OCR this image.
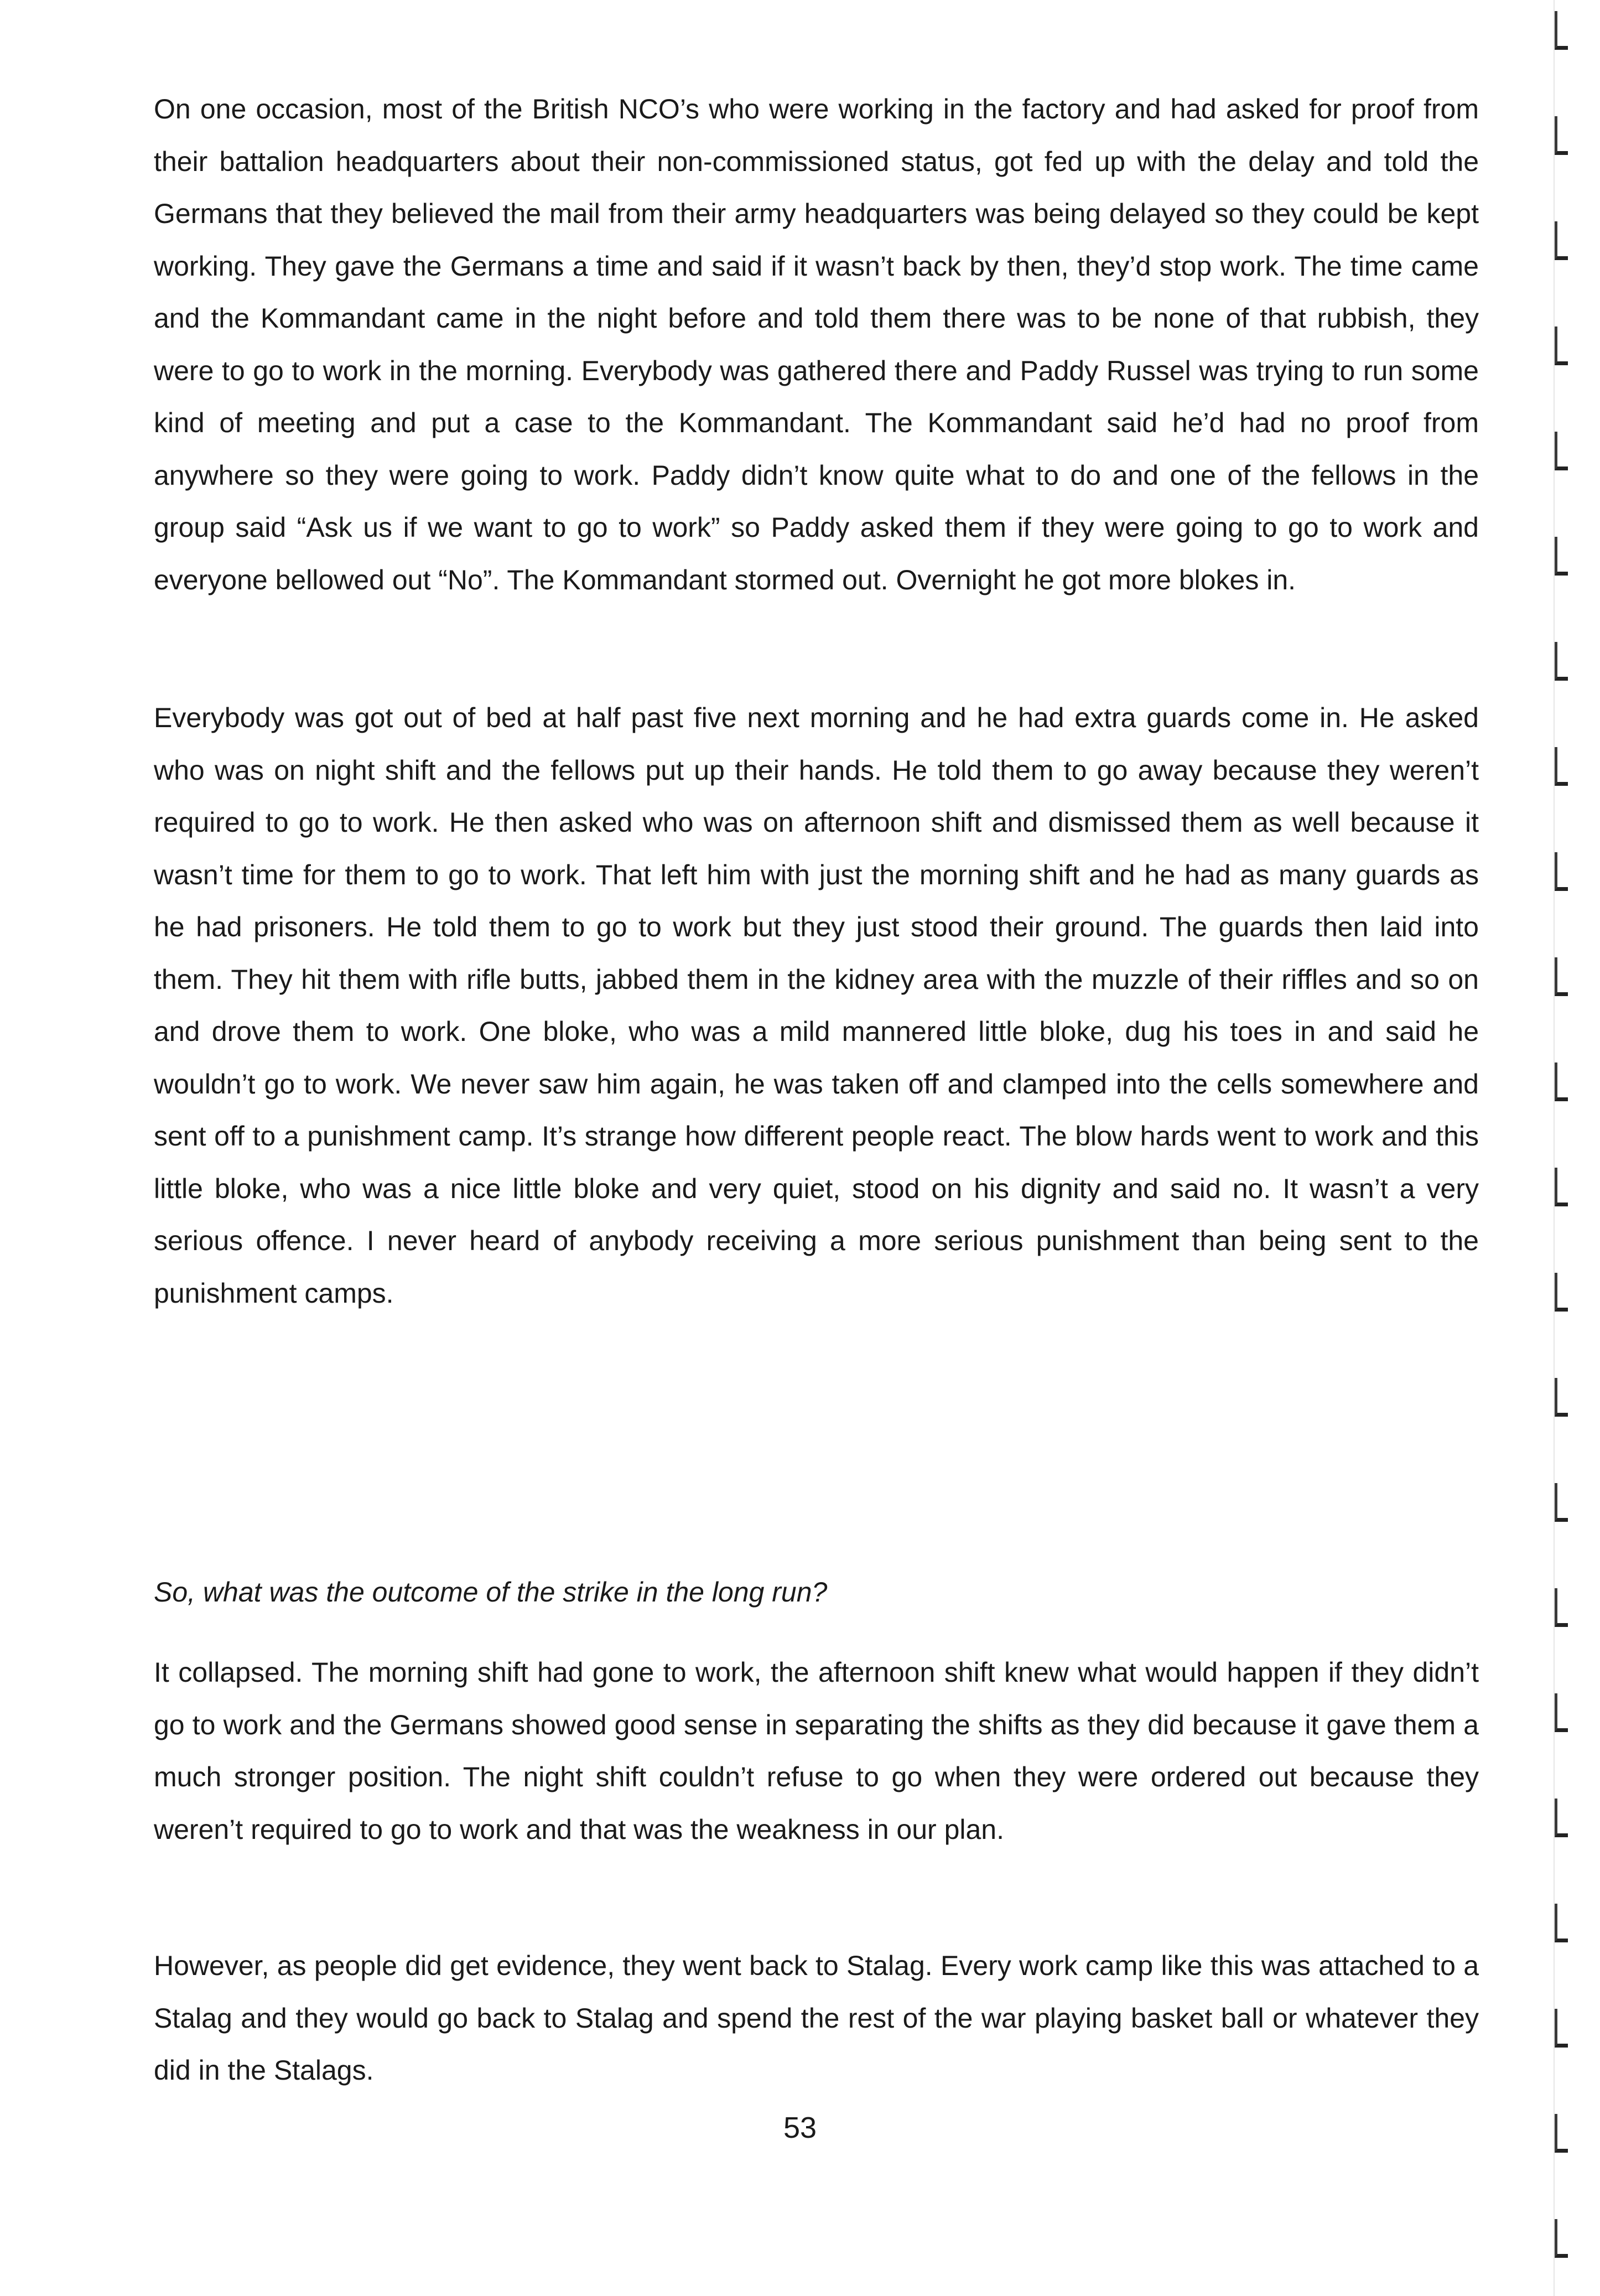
On one occasion, most of the British NCO’s who were working in the factory and had asked for proof from their battalion headquarters about their non-commissioned status, got fed up with the delay and told the Germans that they believed the mail from their army headquarters was being delayed so they could be kept working. They gave the Germans a time and said if it wasn’t back by then, they’d stop work. The time came and the Kommandant came in the night before and told them there was to be none of that rubbish, they were to go to work in the morning. Everybody was gathered there and Paddy Russel was trying to run some kind of meeting and put a case to the Kommandant. The Kommandant said he’d had no proof from anywhere so they were going to work. Paddy didn’t know quite what to do and one of the fellows in the group said “Ask us if we want to go to work” so Paddy asked them if they were going to go to work and everyone bellowed out “No”. The Kommandant stormed out. Overnight he got more blokes in.

Everybody was got out of bed at half past five next morning and he had extra guards come in. He asked who was on night shift and the fellows put up their hands. He told them to go away because they weren’t required to go to work. He then asked who was on afternoon shift and dismissed them as well because it wasn’t time for them to go to work. That left him with just the morning shift and he had as many guards as he had prisoners. He told them to go to work but they just stood their ground. The guards then laid into them. They hit them with rifle butts, jabbed them in the kidney area with the muzzle of their riffles and so on and drove them to work. One bloke, who was a mild mannered little bloke, dug his toes in and said he wouldn’t go to work. We never saw him again, he was taken off and clamped into the cells somewhere and sent off to a punishment camp. It’s strange how different people react. The blow hards went to work and this little bloke, who was a nice little bloke and very quiet, stood on his dignity and said no. It wasn’t a very serious offence. I never heard of anybody receiving a more serious punishment than being sent to the punishment camps.

So, what was the outcome of the strike in the long run?

It collapsed. The morning shift had gone to work, the afternoon shift knew what would happen if they didn’t go to work and the Germans showed good sense in separating the shifts as they did because it gave them a much stronger position. The night shift couldn’t refuse to go when they were ordered out because they weren’t required to go to work and that was the weakness in our plan.

However, as people did get evidence, they went back to Stalag. Every work camp like this was attached to a Stalag and they would go back to Stalag and spend the rest of the war playing basket ball or whatever they did in the Stalags.

53
